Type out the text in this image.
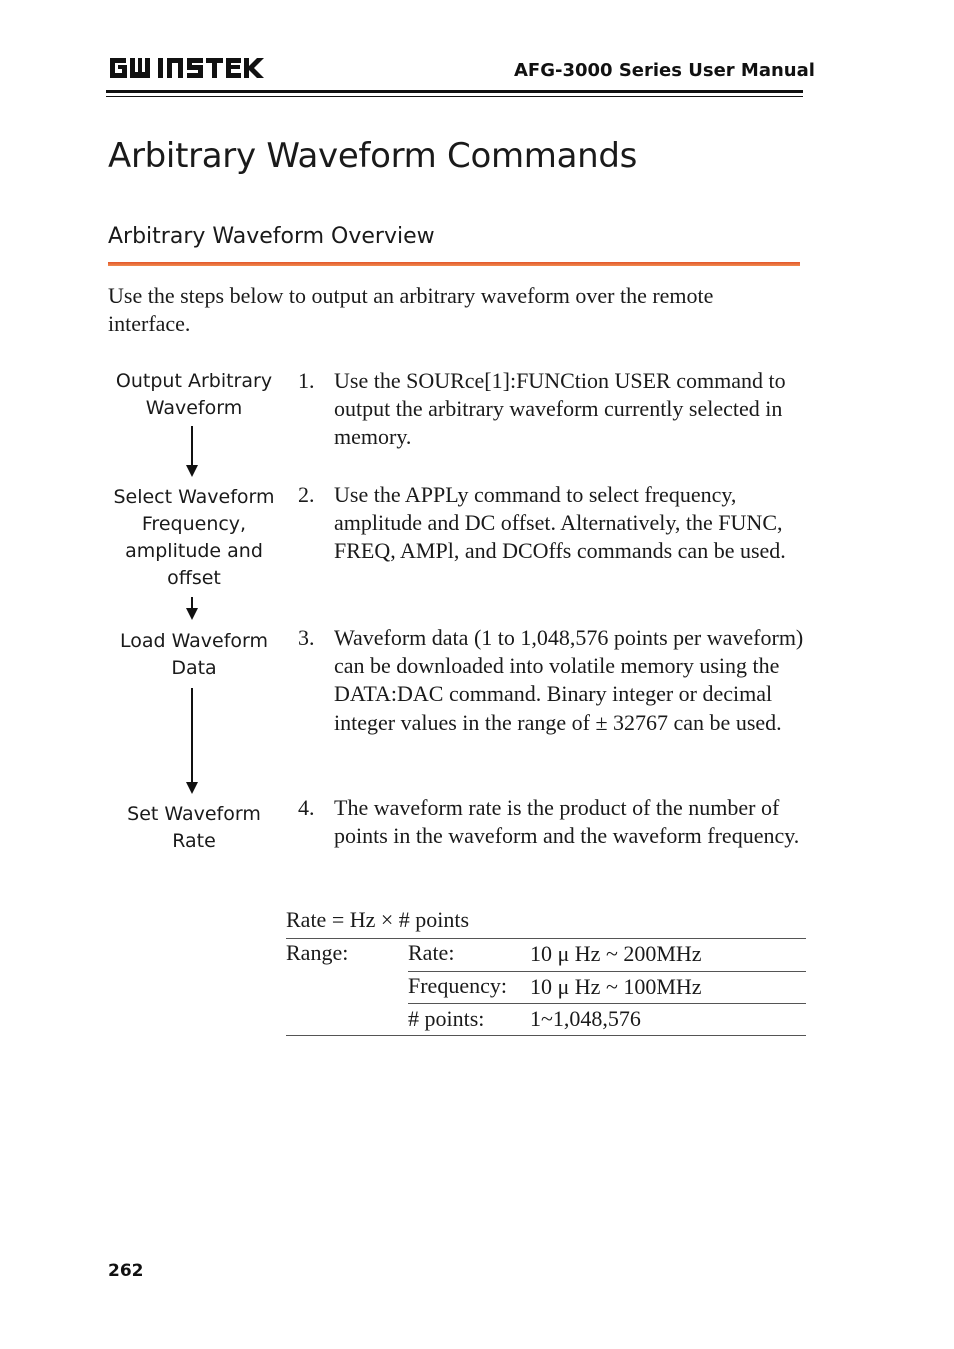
AFG-3000 Series User Manual
Arbitrary Waveform Commands
Arbitrary Waveform Overview
Use the steps below to output an arbitrary waveform over the remote interface.
Output Arbitrary
Waveform
Select Waveform
Frequency,
amplitude and
offset
Load Waveform
Data
Set Waveform
Rate
1. Use the SOURce[1]:FUNCtion USER command to output the arbitrary waveform currently selected in memory.
2. Use the APPLy command to select frequency, amplitude and DC offset. Alternatively, the FUNC, FREQ, AMPl, and DCOffs commands can be used.
3. Waveform data (1 to 1,048,576 points per waveform) can be downloaded into volatile memory using the DATA:DAC command. Binary integer or decimal integer values in the range of ± 32767 can be used.
4. The waveform rate is the product of the number of points in the waveform and the waveform frequency.
Rate = Hz × # points
Range:	Rate:	10 μ Hz ~ 200MHz
Frequency: 10 μ Hz ~ 100MHz
# points: 1~1,048,576
262
